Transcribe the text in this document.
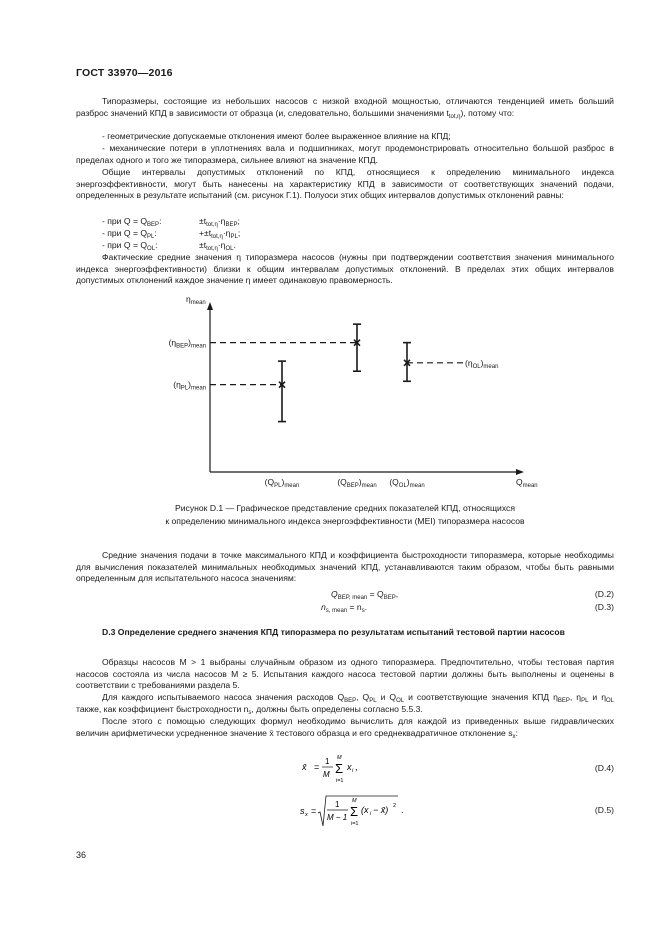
ГОСТ 33970—2016
Типоразмеры, состоящие из небольших насосов с низкой входной мощностью, отличаются тенденцией иметь больший разброс значений КПД в зависимости от образца (и, следовательно, большими значениями $t_{tot,\eta}$), потому что:
- геометрические допускаемые отклонения имеют более выраженное влияние на КПД;
- механические потери в уплотнениях вала и подшипниках, могут продемонстрировать относительно большой разброс в пределах одного и того же типоразмера, сильнее влияют на значение КПД.
Общие интервалы допустимых отклонений по КПД, относящиеся к определению минимального индекса энергоэффективности, могут быть нанесены на характеристику КПД в зависимости от соответствующих значений подачи, определенных в результате испытаний (см. рисунок Г.1). Полуоси этих общих интервалов допустимых отклонений равны:
- при $Q = Q_{BEP}$:	$\pm t_{tot,\eta}\cdot\eta_{BEP}$;
- при $Q = Q_{PL}$:	$+\pm t_{tot,\eta}\cdot\eta_{PL}$;
- при $Q = Q_{OL}$:	$\pm t_{tot,\eta}\cdot\eta_{OL}$.
Фактические средние значения η типоразмера насосов (нужны при подтверждении соответствия значения минимального индекса энергоэффективности) близки к общим интервалам допустимых отклонений. В пределах этих общих интервалов допустимых отклонений каждое значение η имеет одинаковую правомерность.
$\eta_{mean}$
$Q_{mean}$
$(\eta_{BEP})_{mean}$
$(\eta_{PL})_{mean}$
$(\eta_{OL})_{mean}$
$(Q_{PL})_{mean}$	$(Q_{BEP})_{mean}$ $(Q_{OL})_{mean}$
Рисунок D.1 — Графическое представление средних показателей КПД, относящихся
к определению минимального индекса энергоэффективности (MEI) типоразмера насосов
Средние значения подачи в точке максимального КПД и коэффициента быстроходности типоразмера, которые необходимы для вычисления показателей минимальных необходимых значений КПД, устанавливаются таким образом, чтобы быть равными определенным для испытательного насоса значениям:
$Q_{BEP, mean} = Q_{BEP}$,	(D.2)
$n_{s, mean} = n_s$.	(D.3)
D.3 Определение среднего значения КПД типоразмера по результатам испытаний тестовой партии насосов
Образцы насосов M > 1 выбраны случайным образом из одного типоразмера. Предпочтительно, чтобы тестовая партия насосов состояла из числа насосов M ≥ 5. Испытания каждого насоса тестовой партии должны быть выполнены и оценены в соответствии с требованиями раздела 5.
Для каждого испытываемого насоса значения расходов $Q_{BEP}$, $Q_{PL}$ и $Q_{OL}$ и соответствующие значения КПД $\eta_{BEP}$, $\eta_{PL}$ и $\eta_{OL}$ также, как коэффициент быстроходности $n_s$, должны быть определены согласно 5.5.3.
После этого с помощью следующих формул необходимо вычислить для каждой из приведенных выше гидравлических величин арифметически усредненное значение x̄ тестового образца и его среднеквадратичное отклонение $s_x$:
x̄ =
1
M
M
Σ
i=1
x i ,	(D.4)
s x =
1
M − 1
M
Σ
i=1
(x i − x̄) 2 .	(D.5)
36
